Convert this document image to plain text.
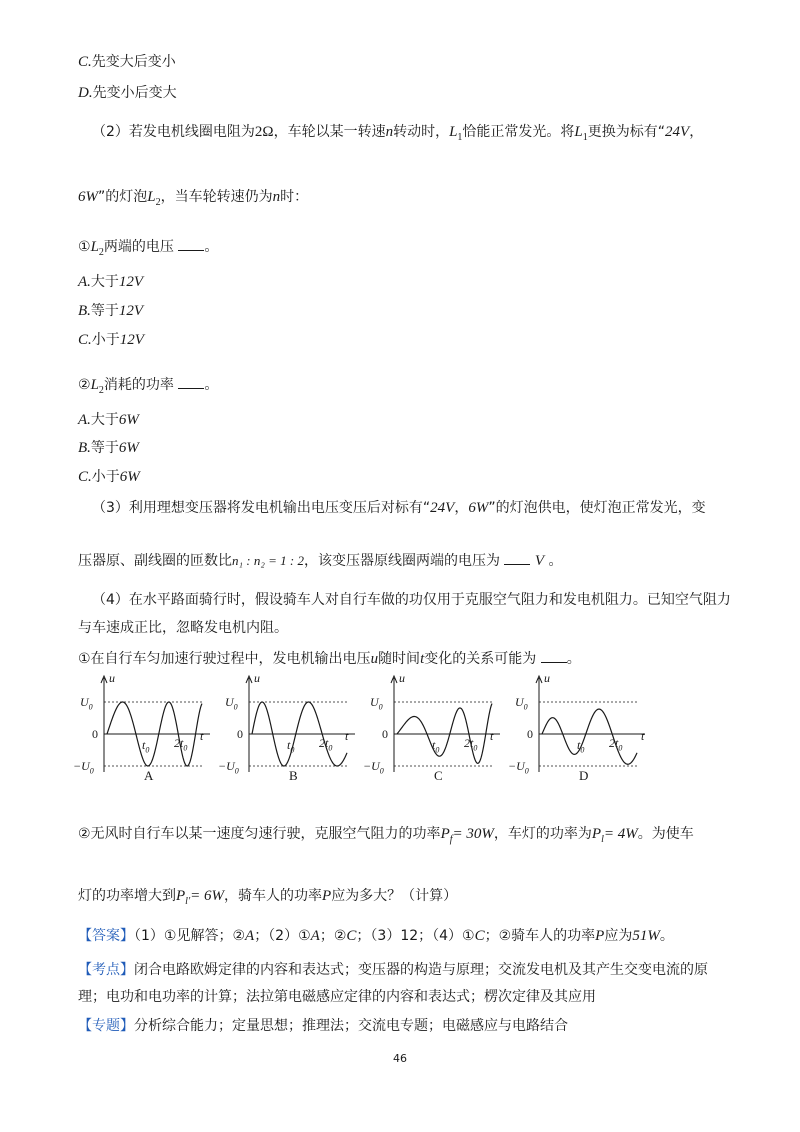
C.先变大后变小
D.先变小后变大
（2）若发电机线圈电阻为2Ω，车轮以某一转速n转动时，$L_1$恰能正常发光。将$L_1$更换为标有“24V，
6W”的灯泡$L_2$，当车轮转速仍为n时：
$①L_2$两端的电压 。
A.大于12V
B.等于12V
C.小于12V
$②L_2$消耗的功率 。
A.大于6W
B.等于6W
C.小于6W
（3）利用理想变压器将发电机输出电压变压后对标有“24V，6W”的灯泡供电，使灯泡正常发光，变
压器原、副线圈的匝数比n₁ : n₂ = 1 : 2，该变压器原线圈两端的电压为 V 。
（4）在水平路面骑行时，假设骑车人对自行车做的功仅用于克服空气阻力和发电机阻力。已知空气阻力
与车速成正比，忽略发电机内阻。
①在自行车匀加速行驶过程中，发电机输出电压u随时间t变化的关系可能为 。
u
t
$U_0$
0
$-U_0$
$t_0$ $2t_0$
A
u
t
$U_0$
0
$-U_0$
$t_0$ $2t_0$
B
u
t
$U_0$
0
$-U_0$
$t_0$ $2t_0$
C
u
t
$U_0$
0
$-U_0$
$t_0$ $2t_0$
D
②无风时自行车以某一速度匀速行驶，克服空气阻力的功率$P_f= 30W$，车灯的功率为$P_l= 4W$。为使车
灯的功率增大到$P_{l'}= 6W$，骑车人的功率P应为多大？（计算）
【答案】（1）①见解答；②A；（2）①A；②C；（3）12；（4）①C；②骑车人的功率P应为51W。
【考点】闭合电路欧姆定律的内容和表达式；变压器的构造与原理；交流发电机及其产生交变电流的原
理；电功和电功率的计算；法拉第电磁感应定律的内容和表达式；楞次定律及其应用
【专题】分析综合能力；定量思想；推理法；交流电专题；电磁感应与电路结合
46
